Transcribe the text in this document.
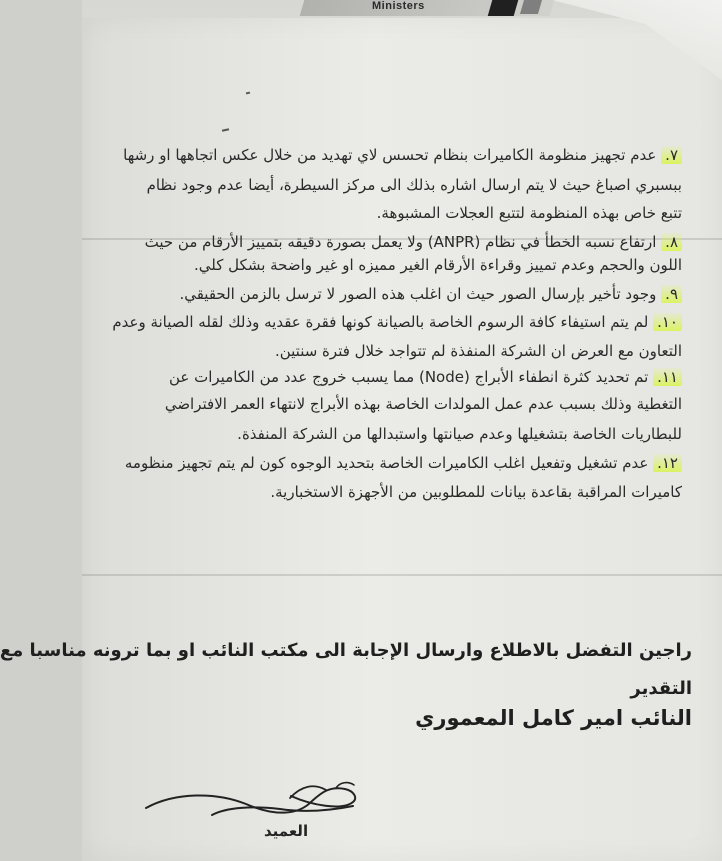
Ministers
٧. عدم تجهيز منظومة الكاميرات بنظام تحسس لاي تهديد من خلال عكس اتجاهها او رشها
ببسبري اصباغ حيث لا يتم ارسال اشاره بذلك الى مركز السيطرة، أيضا عدم وجود نظام
تتبع خاص بهذه المنظومة لتتبع العجلات المشبوهة.
٨. ارتفاع نسبه الخطأ في نظام (ANPR) ولا يعمل بصورة دقيقه بتمييز الأرقام من حيث
اللون والحجم وعدم تمييز وقراءة الأرقام الغير مميزه او غير واضحة بشكل كلي.
٩. وجود تأخير بإرسال الصور حيث ان اغلب هذه الصور لا ترسل بالزمن الحقيقي.
١٠. لم يتم استيفاء كافة الرسوم الخاصة بالصيانة كونها فقرة عقديه وذلك لقله الصيانة وعدم
التعاون مع العرض ان الشركة المنفذة لم تتواجد خلال فترة سنتين.
١١. تم تحديد كثرة انطفاء الأبراج (Node) مما يسبب خروج عدد من الكاميرات عن
التغطية وذلك بسبب عدم عمل المولدات الخاصة بهذه الأبراج لانتهاء العمر الافتراضي
للبطاريات الخاصة بتشغيلها وعدم صيانتها واستبدالها من الشركة المنفذة.
١٢. عدم تشغيل وتفعيل اغلب الكاميرات الخاصة بتحديد الوجوه كون لم يتم تجهيز منظومه
كاميرات المراقبة بقاعدة بيانات للمطلوبين من الأجهزة الاستخبارية.
راجين التفضل بالاطلاع وارسال الإجابة الى مكتب النائب او بما ترونه مناسبا مع
التقدير
النائب امير كامل المعموري
العميد
